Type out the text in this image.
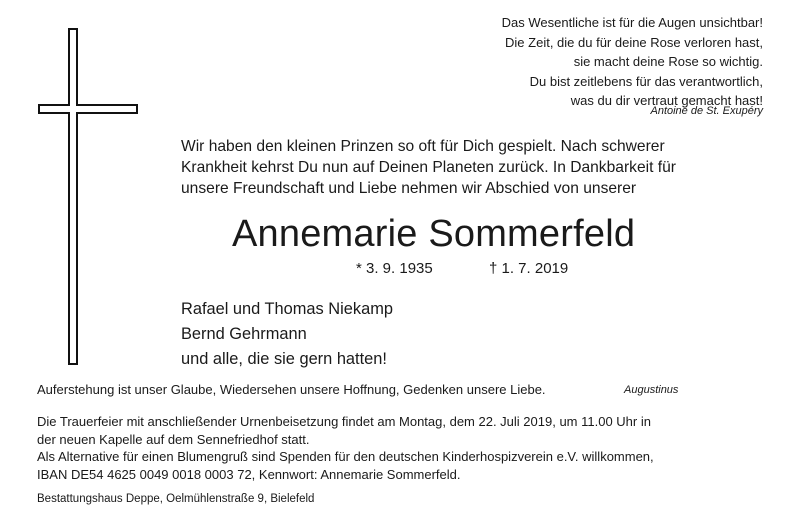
Das Wesentliche ist für die Augen unsichtbar!
Die Zeit, die du für deine Rose verloren hast,
sie macht deine Rose so wichtig.
Du bist zeitlebens für das verantwortlich,
was du dir vertraut gemacht hast!
Antoine de St. Exupéry
Wir haben den kleinen Prinzen so oft für Dich gespielt. Nach schwerer
Krankheit kehrst Du nun auf Deinen Planeten zurück. In Dankbarkeit für
unsere Freundschaft und Liebe nehmen wir Abschied von unserer
Annemarie Sommerfeld
* 3. 9. 1935	† 1. 7. 2019
Rafael und Thomas Niekamp
Bernd Gehrmann
und alle, die sie gern hatten!
Auferstehung ist unser Glaube, Wiedersehen unsere Hoffnung, Gedenken unsere Liebe.	Augustinus
Die Trauerfeier mit anschließender Urnenbeisetzung findet am Montag, dem 22. Juli 2019, um 11.00 Uhr in
der neuen Kapelle auf dem Sennefriedhof statt.
Als Alternative für einen Blumengruß sind Spenden für den deutschen Kinderhospizverein e.V. willkommen,
IBAN DE54 4625 0049 0018 0003 72, Kennwort: Annemarie Sommerfeld.
Bestattungshaus Deppe, Oelmühlenstraße 9, Bielefeld
